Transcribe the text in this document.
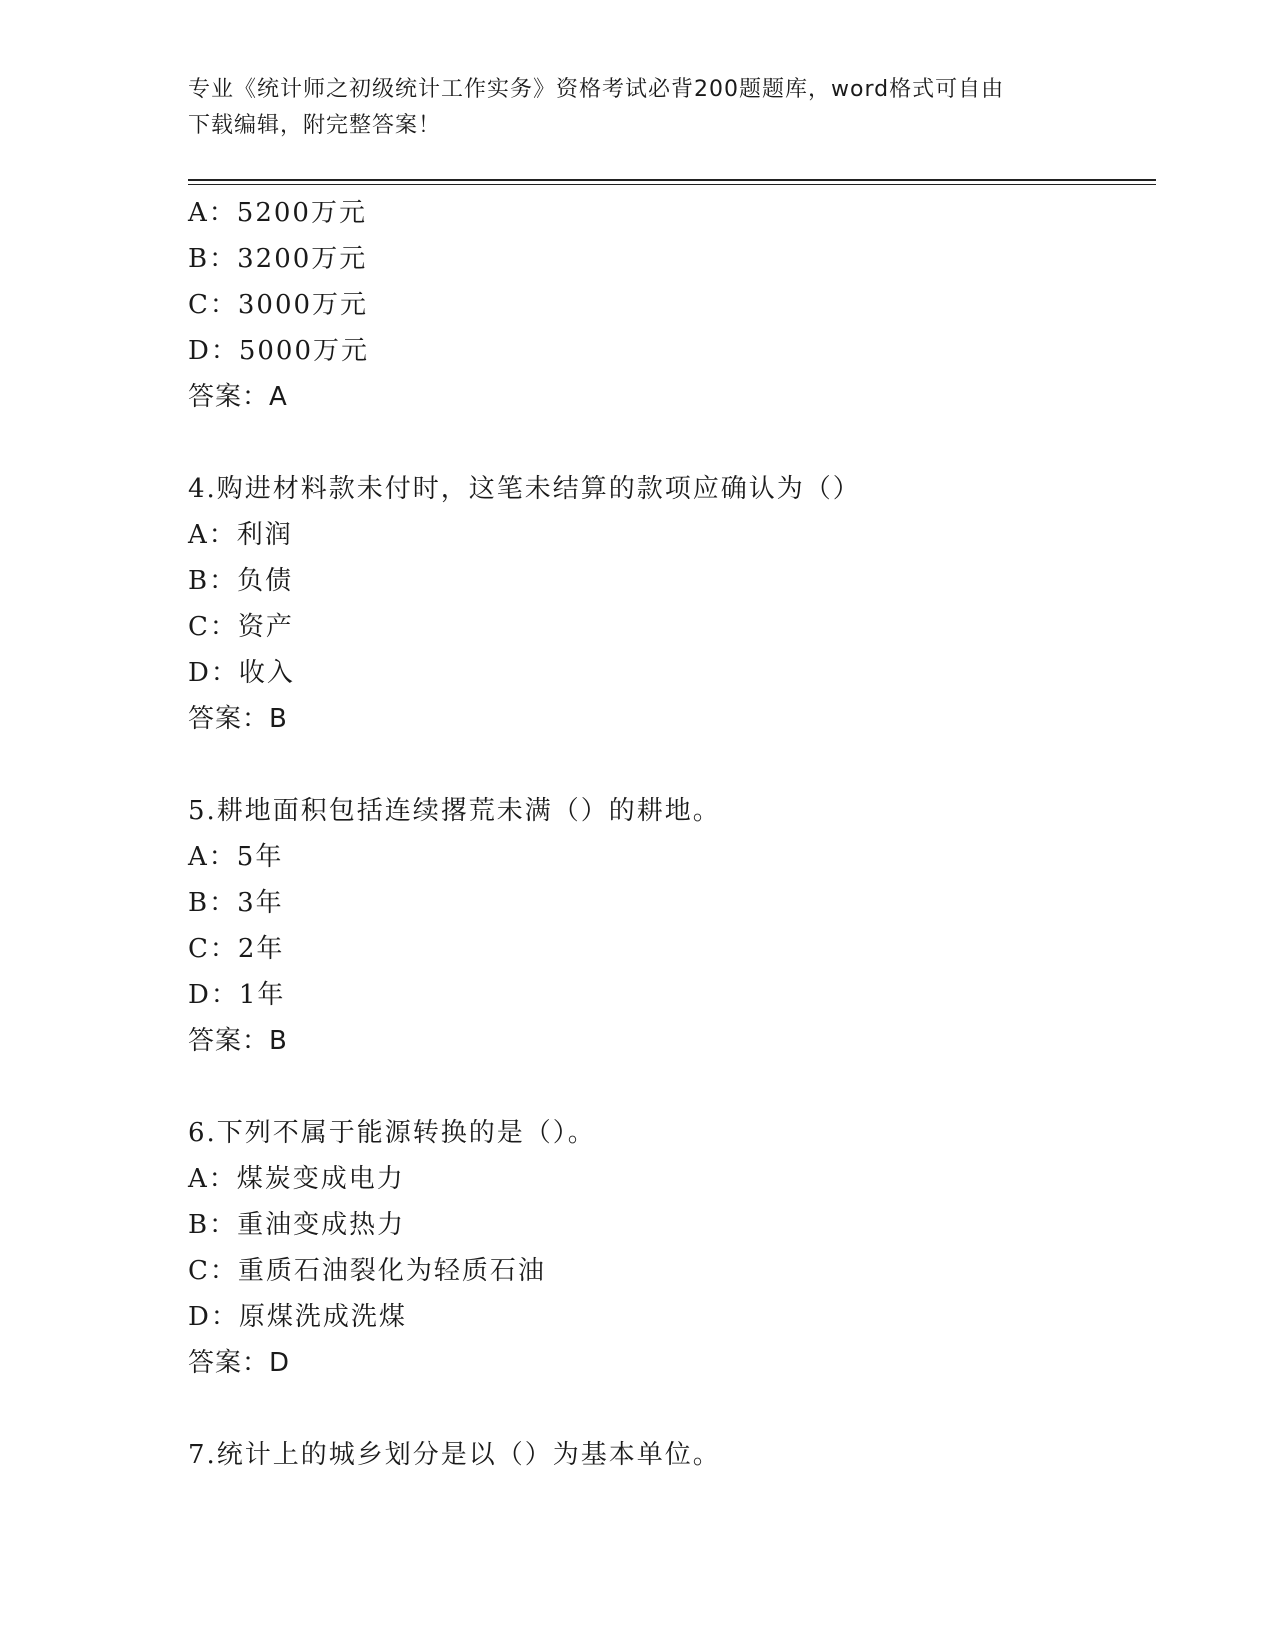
专业《统计师之初级统计工作实务》资格考试必背200题题库，word格式可自由
下载编辑，附完整答案！
A：5200万元
B：3200万元
C：3000万元
D：5000万元
答案：A
4.购进材料款未付时，这笔未结算的款项应确认为（）
A：利润
B：负债
C：资产
D：收入
答案：B
5.耕地面积包括连续撂荒未满（）的耕地。
A：5年
B：3年
C：2年
D：1年
答案：B
6.下列不属于能源转换的是（）。
A：煤炭变成电力
B：重油变成热力
C：重质石油裂化为轻质石油
D：原煤洗成洗煤
答案：D
7.统计上的城乡划分是以（）为基本单位。
